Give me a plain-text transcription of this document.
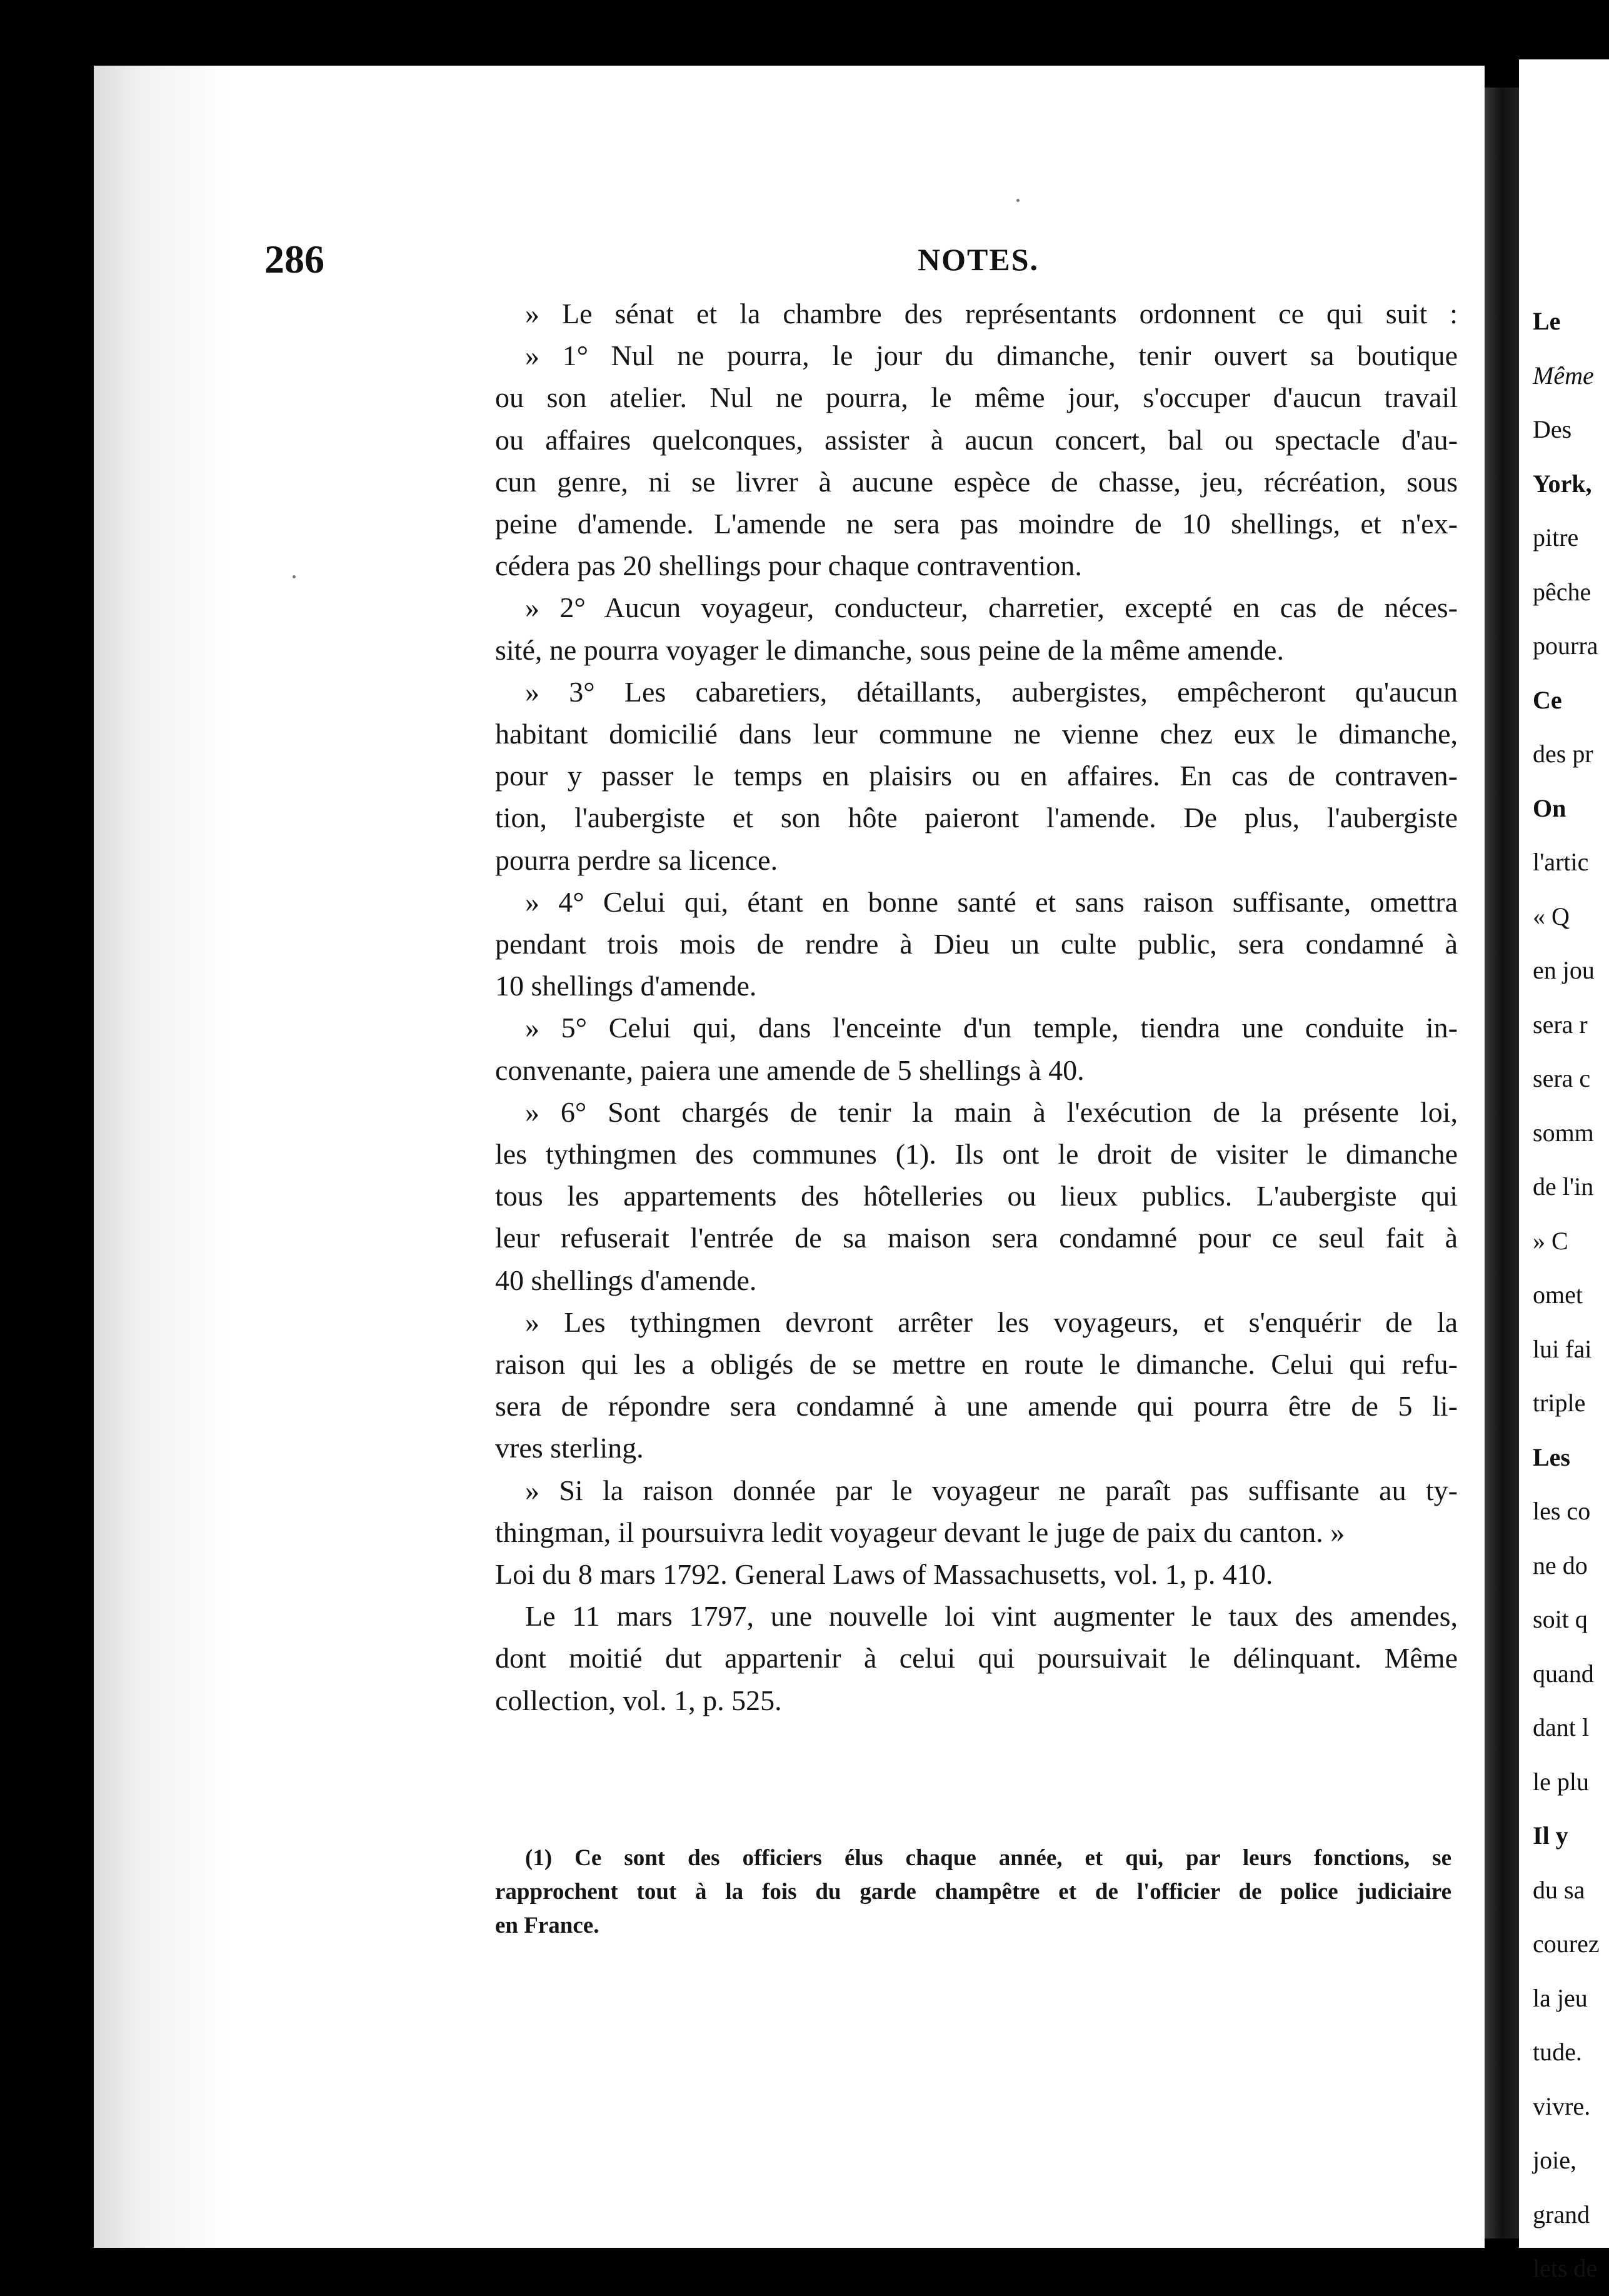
286	NOTES.
» Le sénat et la chambre des représentants ordonnent ce qui suit :
» 1° Nul ne pourra, le jour du dimanche, tenir ouvert sa boutique
ou son atelier. Nul ne pourra, le même jour, s'occuper d'aucun travail
ou affaires quelconques, assister à aucun concert, bal ou spectacle d'au-
cun genre, ni se livrer à aucune espèce de chasse, jeu, récréation, sous
peine d'amende. L'amende ne sera pas moindre de 10 shellings, et n'ex-
cédera pas 20 shellings pour chaque contravention.
» 2° Aucun voyageur, conducteur, charretier, excepté en cas de néces-
sité, ne pourra voyager le dimanche, sous peine de la même amende.
» 3° Les cabaretiers, détaillants, aubergistes, empêcheront qu'aucun
habitant domicilié dans leur commune ne vienne chez eux le dimanche,
pour y passer le temps en plaisirs ou en affaires. En cas de contraven-
tion, l'aubergiste et son hôte paieront l'amende. De plus, l'aubergiste
pourra perdre sa licence.
» 4° Celui qui, étant en bonne santé et sans raison suffisante, omettra
pendant trois mois de rendre à Dieu un culte public, sera condamné à
10 shellings d'amende.
» 5° Celui qui, dans l'enceinte d'un temple, tiendra une conduite in-
convenante, paiera une amende de 5 shellings à 40.
» 6° Sont chargés de tenir la main à l'exécution de la présente loi,
les tythingmen des communes (1). Ils ont le droit de visiter le dimanche
tous les appartements des hôtelleries ou lieux publics. L'aubergiste qui
leur refuserait l'entrée de sa maison sera condamné pour ce seul fait à
40 shellings d'amende.
» Les tythingmen devront arrêter les voyageurs, et s'enquérir de la
raison qui les a obligés de se mettre en route le dimanche. Celui qui refu-
sera de répondre sera condamné à une amende qui pourra être de 5 li-
vres sterling.
» Si la raison donnée par le voyageur ne paraît pas suffisante au ty-
thingman, il poursuivra ledit voyageur devant le juge de paix du canton. »
Loi du 8 mars 1792. General Laws of Massachusetts, vol. 1, p. 410.
Le 11 mars 1797, une nouvelle loi vint augmenter le taux des amendes,
dont moitié dut appartenir à celui qui poursuivait le délinquant. Même
collection, vol. 1, p. 525.
(1) Ce sont des officiers élus chaque année, et qui, par leurs fonctions, se
rapprochent tout à la fois du garde champêtre et de l'officier de police judiciaire
en France.
Le
Même
Des
York,
pitre
pêche
pourra
Ce
des pr
On
l'artic
« Q
en jou
sera r
sera c
somm
de l'in
» C
omet
lui fai
triple
Les
les co
ne do
soit q
quand
dant l
le plu
Il y
du sa
courez
la jeu
tude.
vivre.
joie,
grand
lets de
